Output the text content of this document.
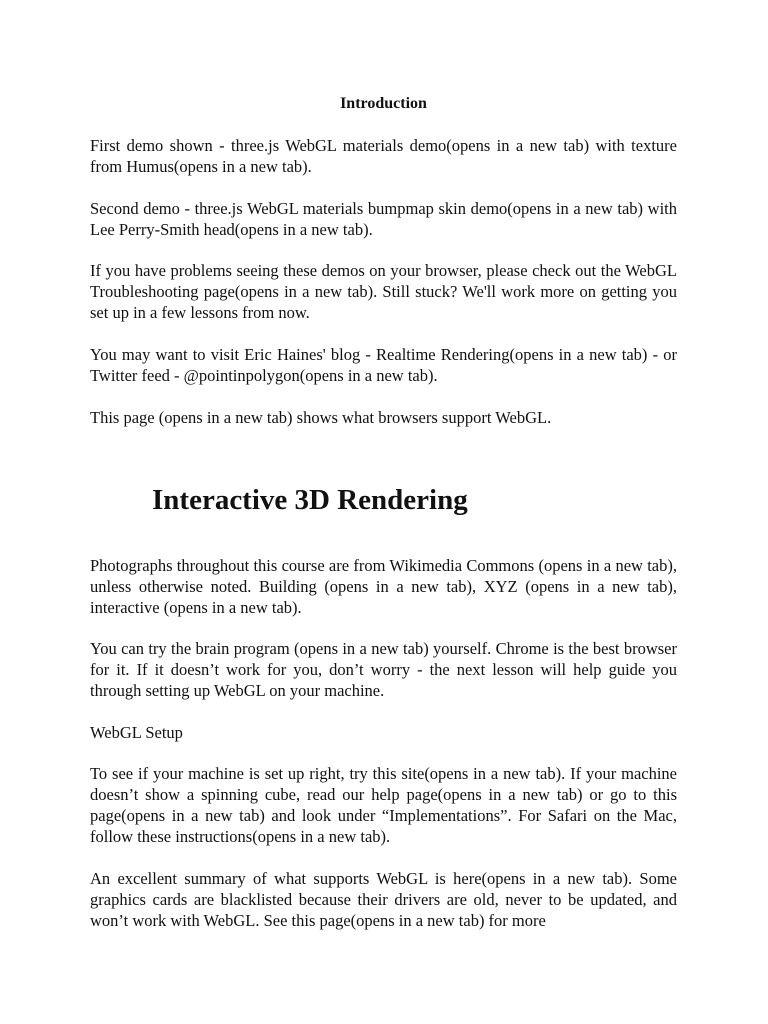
Introduction

First demo shown - three.js WebGL materials demo(opens in a new tab) with texture from Humus(opens in a new tab).

Second demo - three.js WebGL materials bumpmap skin demo(opens in a new tab) with Lee Perry-Smith head(opens in a new tab).

If you have problems seeing these demos on your browser, please check out the WebGL Troubleshooting page(opens in a new tab). Still stuck? We'll work more on getting you set up in a few lessons from now.

You may want to visit Eric Haines' blog - Realtime Rendering(opens in a new tab) - or Twitter feed - @pointinpolygon(opens in a new tab).

This page (opens in a new tab) shows what browsers support WebGL.

Interactive 3D Rendering

Photographs throughout this course are from Wikimedia Commons (opens in a new tab), unless otherwise noted. Building (opens in a new tab), XYZ (opens in a new tab), interactive (opens in a new tab).

You can try the brain program (opens in a new tab) yourself. Chrome is the best browser for it. If it doesn’t work for you, don’t worry - the next lesson will help guide you through setting up WebGL on your machine.

WebGL Setup

To see if your machine is set up right, try this site(opens in a new tab). If your machine doesn’t show a spinning cube, read our help page(opens in a new tab) or go to this page(opens in a new tab) and look under “Implementations”. For Safari on the Mac, follow these instructions(opens in a new tab).

An excellent summary of what supports WebGL is here(opens in a new tab). Some graphics cards are blacklisted because their drivers are old, never to be updated, and won’t work with WebGL. See this page(opens in a new tab) for more
